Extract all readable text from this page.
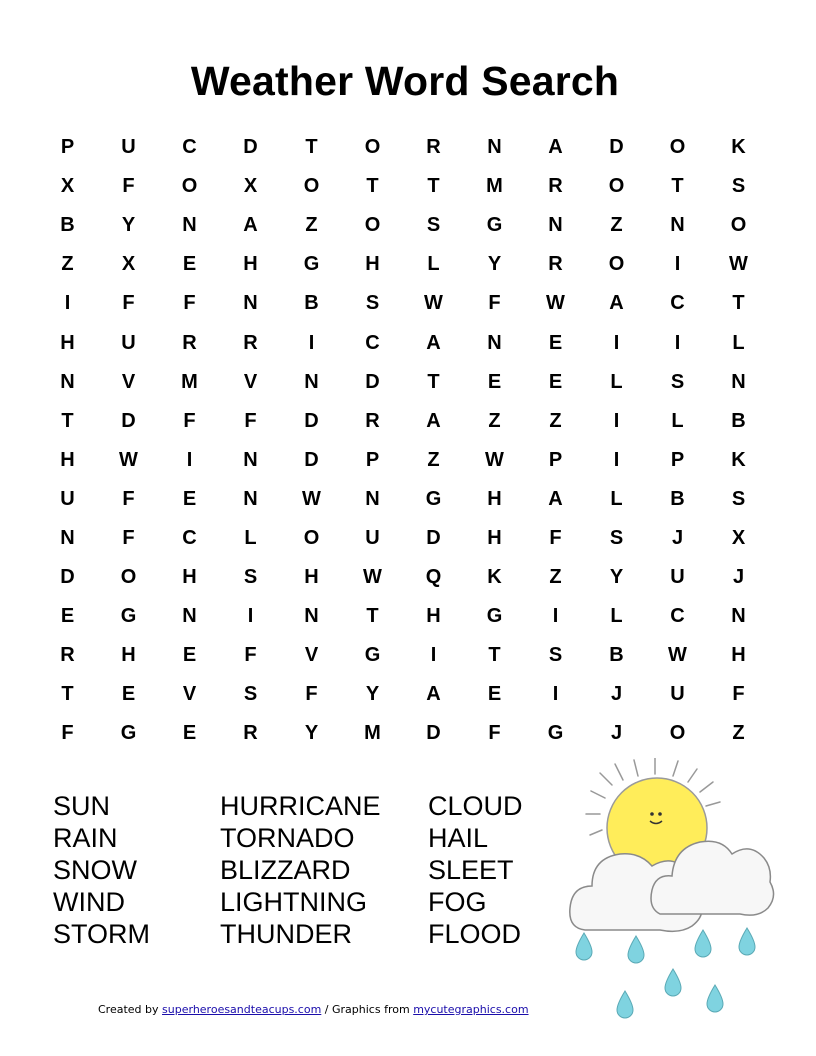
Weather Word Search
P	U	C	D	T	O	R	N	A	D	O	K
X	F	O	X	O	T	T	M	R	O	T	S
B	Y	N	A	Z	O	S	G	N	Z	N	O
Z	X	E	H	G	H	L	Y	R	O	I	W
I	F	F	N	B	S	W	F	W	A	C	T
H	U	R	R	I	C	A	N	E	I	I	L
N	V	M	V	N	D	T	E	E	L	S	N
T	D	F	F	D	R	A	Z	Z	I	L	B
H	W	I	N	D	P	Z	W	P	I	P	K
U	F	E	N	W	N	G	H	A	L	B	S
N	F	C	L	O	U	D	H	F	S	J	X
D	O	H	S	H	W	Q	K	Z	Y	U	J
E	G	N	I	N	T	H	G	I	L	C	N
R	H	E	F	V	G	I	T	S	B	W	H
T	E	V	S	F	Y	A	E	I	J	U	F
F	G	E	R	Y	M	D	F	G	J	O	Z
SUN
RAIN
SNOW
WIND
STORM
HURRICANE
TORNADO
BLIZZARD
LIGHTNING
THUNDER
CLOUD
HAIL
SLEET
FOG
FLOOD
Created by superheroesandteacups.com / Graphics from mycutegraphics.com
